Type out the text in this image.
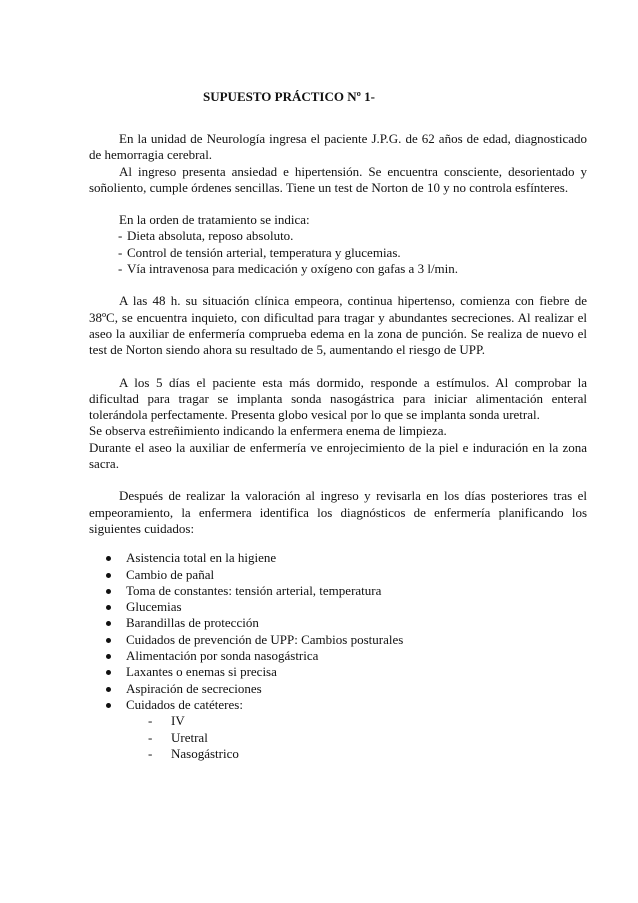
SUPUESTO PRÁCTICO Nº 1-

En la unidad de Neurología ingresa el paciente J.P.G. de 62 años de edad, diagnosticado de hemorragia cerebral.

Al ingreso presenta ansiedad e hipertensión. Se encuentra consciente, desorientado y soñoliento, cumple órdenes sencillas. Tiene un test de Norton de 10 y no controla esfínteres.

En la orden de tratamiento se indica:

- Dieta absoluta, reposo absoluto.
- Control de tensión arterial, temperatura y glucemias.
- Vía intravenosa para medicación y oxígeno con gafas a 3 l/min.

A las 48 h. su situación clínica empeora, continua hipertenso, comienza con fiebre de 38ºC, se encuentra inquieto, con dificultad para tragar y abundantes secreciones. Al realizar el aseo la auxiliar de enfermería comprueba edema en la zona de punción. Se realiza de nuevo el test de Norton siendo ahora su resultado de 5, aumentando el riesgo de UPP.

A los 5 días el paciente esta más dormido, responde a estímulos. Al comprobar la dificultad para tragar se implanta sonda nasogástrica para iniciar alimentación enteral tolerándola perfectamente. Presenta globo vesical por lo que se implanta sonda uretral.

Se observa estreñimiento indicando la enfermera enema de limpieza.

Durante el aseo la auxiliar de enfermería ve enrojecimiento de la piel e induración en la zona sacra.

Después de realizar la valoración al ingreso y revisarla en los días posteriores tras el empeoramiento, la enfermera identifica los diagnósticos de enfermería planificando los siguientes cuidados:

Asistencia total en la higiene
Cambio de pañal
Toma de constantes: tensión arterial, temperatura
Glucemias
Barandillas de protección
Cuidados de prevención de UPP: Cambios posturales
Alimentación por sonda nasogástrica
Laxantes o enemas si precisa
Aspiración de secreciones
Cuidados de catéteres:
- IV
- Uretral
- Nasogástrico
